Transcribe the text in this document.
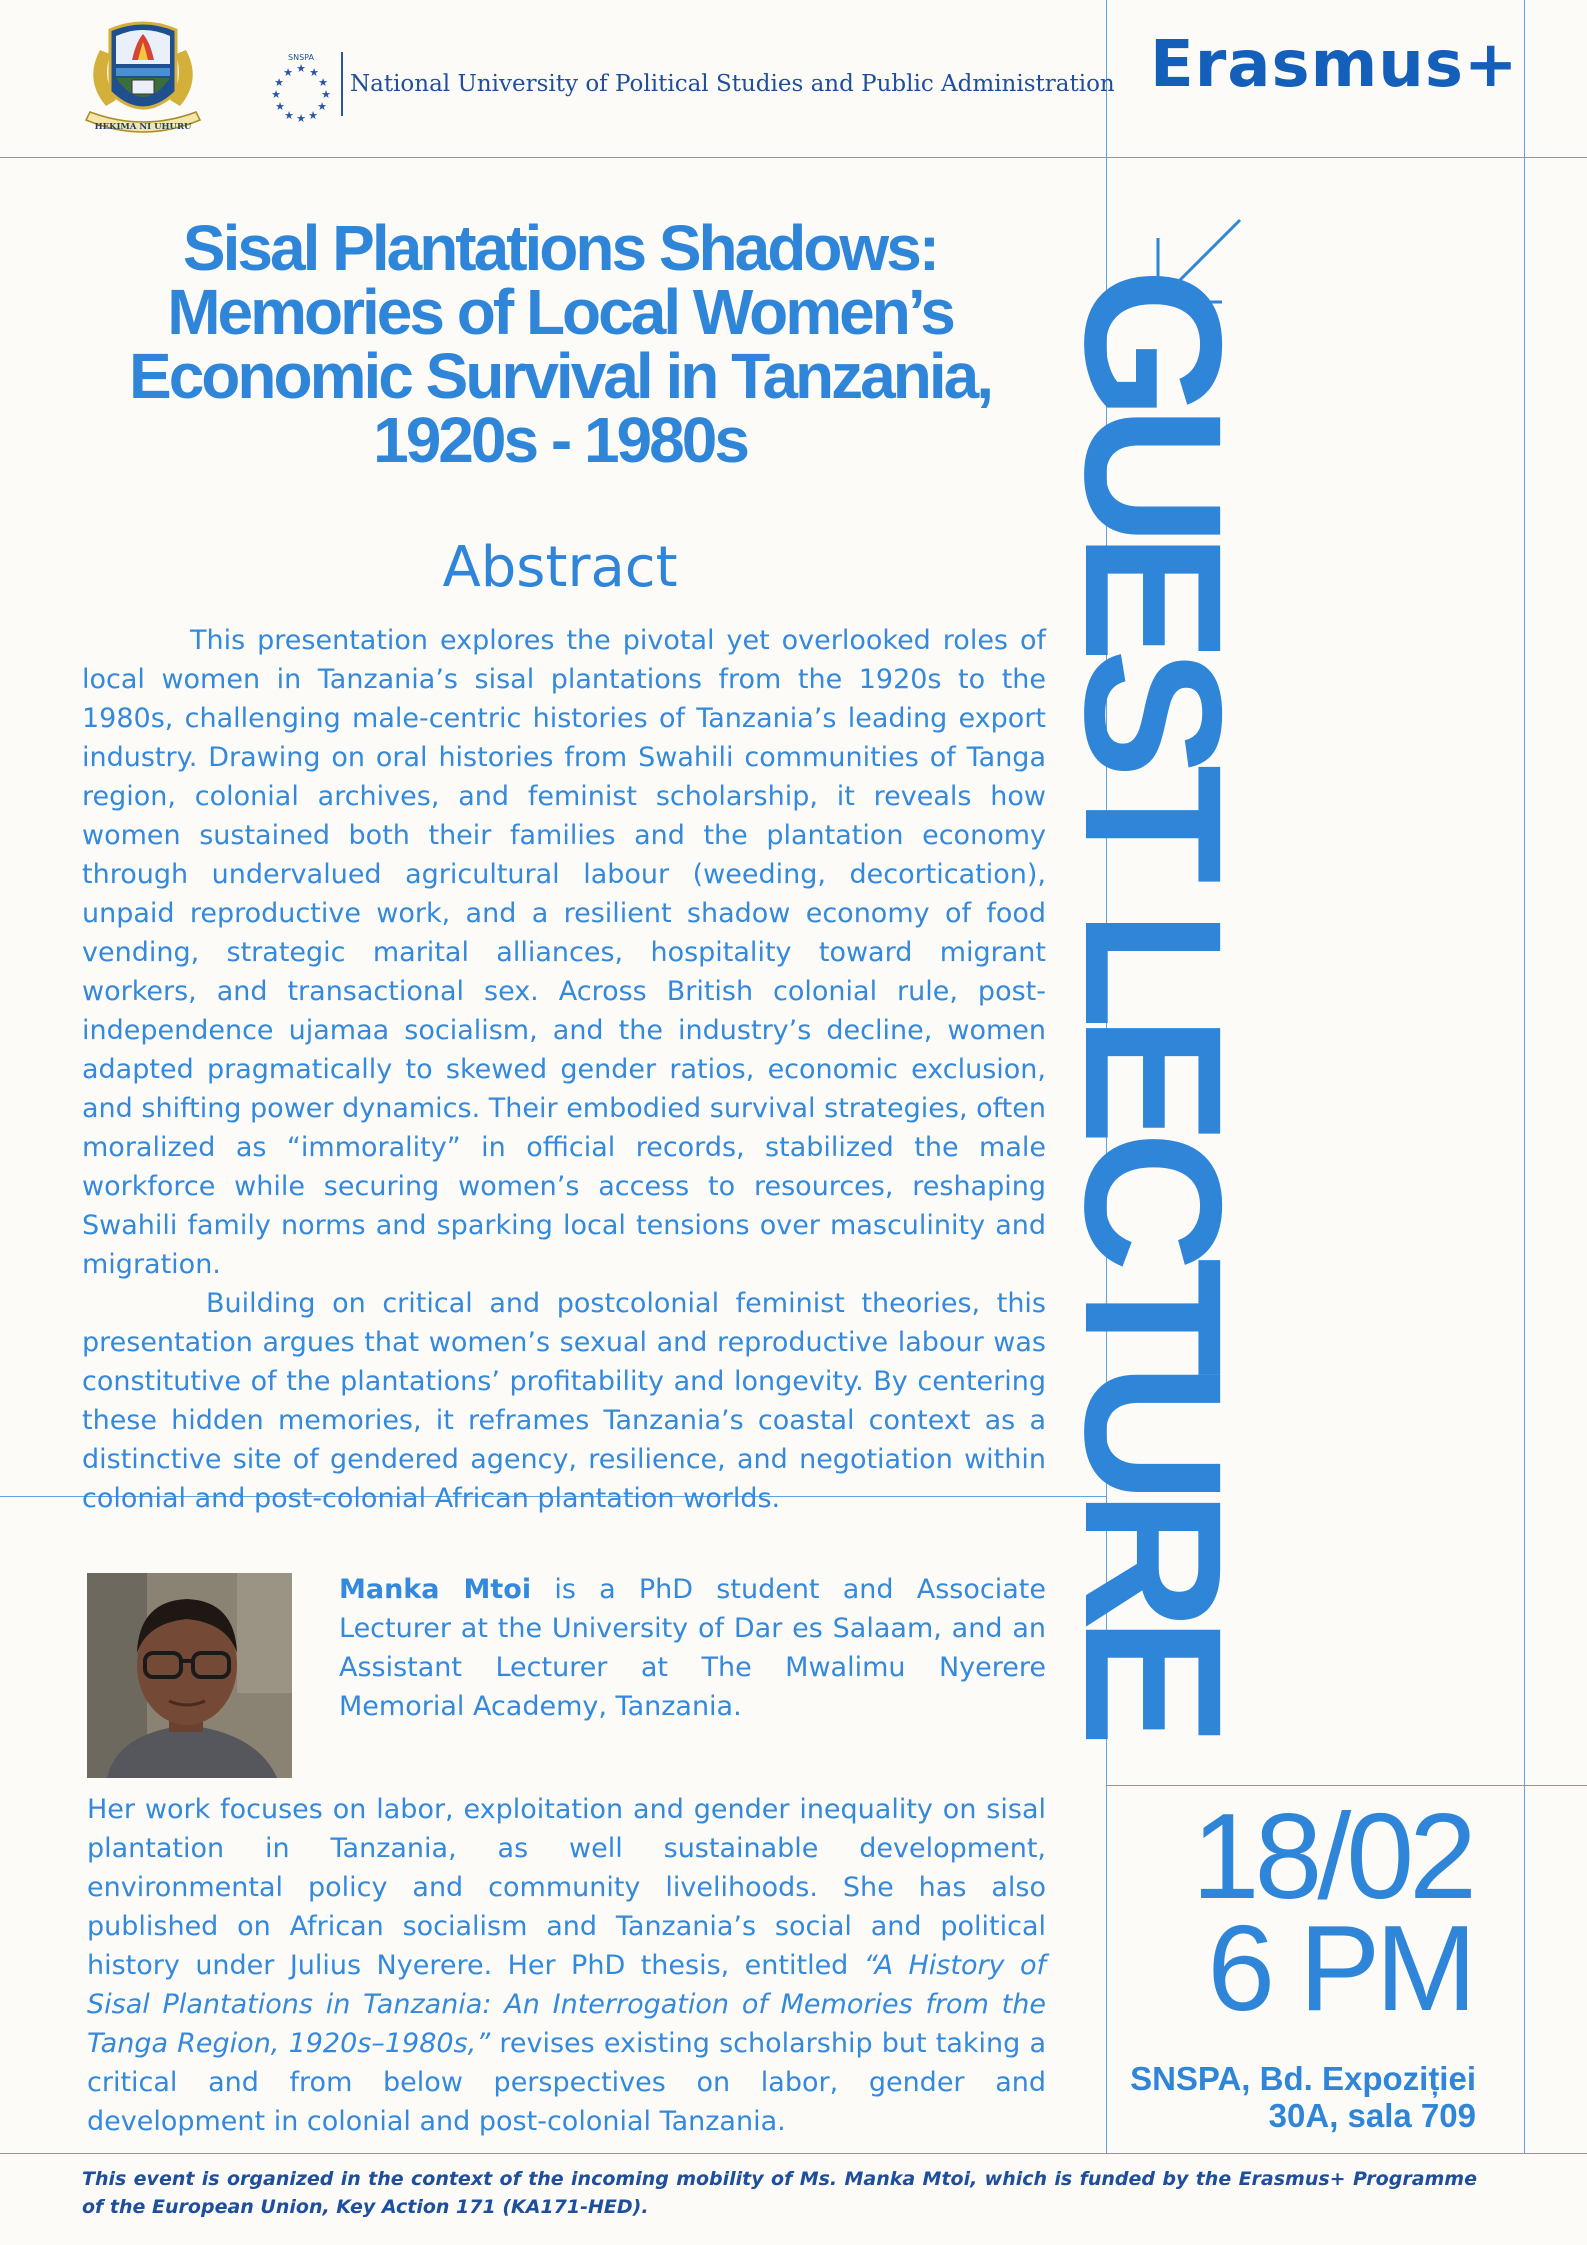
HEKIMA NI UHURU
SNSPA
★ ★
★
★
★
★
★
★
★
★
★
★ National University of Political Studies and Public Administration Erasmus+
Sisal Plantations Shadows: Memories of Local Women’s Economic Survival in Tanzania, 1920s - 1980s
Abstract

This presentation explores the pivotal yet overlooked roles of local women in Tanzania’s sisal plantations from the 1920s to the 1980s, challenging male-centric histories of Tanzania’s leading export industry. Drawing on oral histories from Swahili communities of Tanga region, colonial archives, and feminist scholarship, it reveals how women sustained both their families and the plantation economy through undervalued agricultural labour (weeding, decortication), unpaid reproductive work, and a resilient shadow economy of food vending, strategic marital alliances, hospitality toward migrant workers, and transactional sex. Across British colonial rule, post-independence ujamaa socialism, and the industry’s decline, women adapted pragmatically to skewed gender ratios, economic exclusion, and shifting power dynamics. Their embodied survival strategies, often moralized as “immorality” in official records, stabilized the male workforce while securing women’s access to resources, reshaping Swahili family norms and sparking local tensions over masculinity and migration.

Building on critical and postcolonial feminist theories, this presentation argues that women’s sexual and reproductive labour was constitutive of the plantations’ profitability and longevity. By centering these hidden memories, it reframes Tanzania’s coastal context as a distinctive site of gendered agency, resilience, and negotiation within colonial and post-colonial African plantation worlds.

Manka Mtoi is a PhD student and Associate Lecturer at the University of Dar es Salaam, and an Assistant Lecturer at The Mwalimu Nyerere Memorial Academy, Tanzania.
Her work focuses on labor, exploitation and gender inequality on sisal plantation in Tanzania, as well sustainable development, environmental policy and community livelihoods. She has also published on African socialism and Tanzania’s social and political history under Julius Nyerere. Her PhD thesis, entitled “A History of Sisal Plantations in Tanzania: An Interrogation of Memories from the Tanga Region, 1920s–1980s,” revises existing scholarship but taking a critical and from below perspectives on labor, gender and development in colonial and post-colonial Tanzania.
GUEST LECTURE
18/02
6 PM
SNSPA, Bd. Expoziției
30A, sala 709
This event is organized in the context of the incoming mobility of Ms. Manka Mtoi, which is funded by the Erasmus+ Programme of the European Union, Key Action 171 (KA171-HED).
